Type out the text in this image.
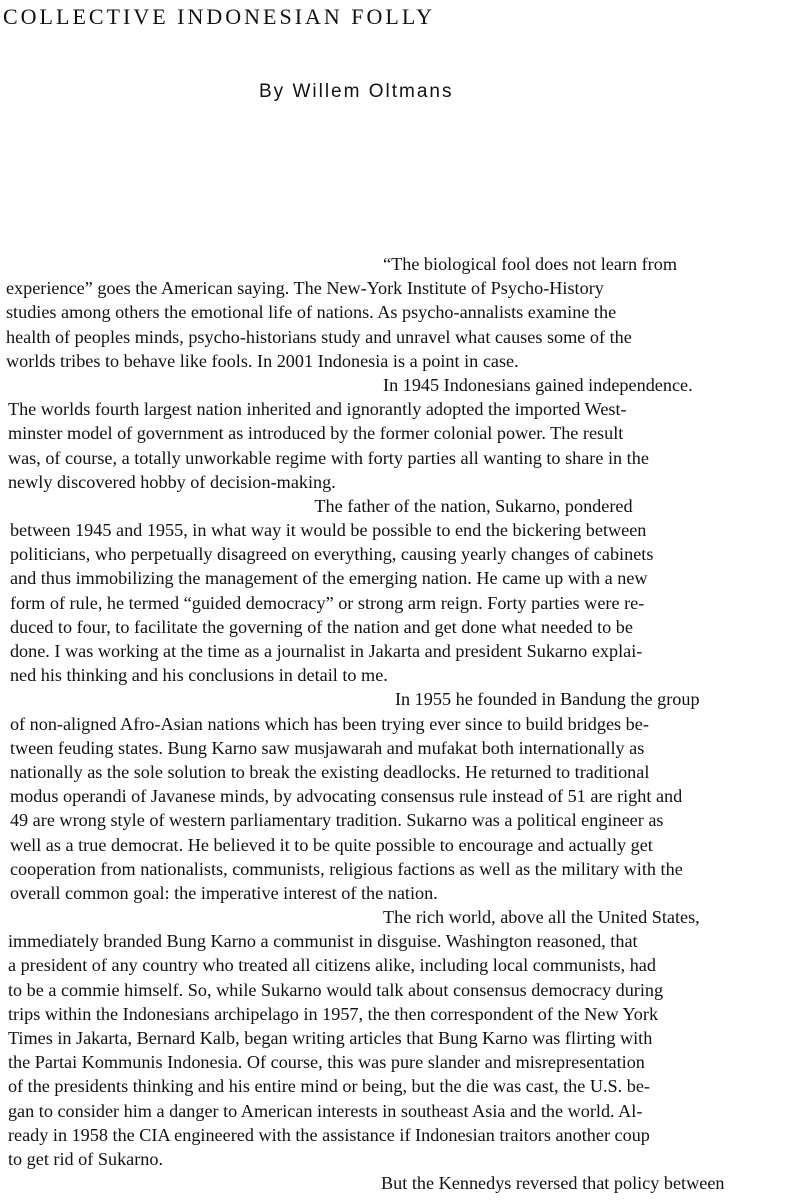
COLLECTIVE INDONESIAN FOLLY

By Willem Oltmans

“The biological fool does not learn from
experience” goes the American saying. The New-York Institute of Psycho-History
studies among others the emotional life of nations. As psycho-annalists examine the
health of peoples minds, psycho-historians study and unravel what causes some of the
worlds tribes to behave like fools. In 2001 Indonesia is a point in case.
In 1945 Indonesians gained independence.
The worlds fourth largest nation inherited and ignorantly adopted the imported West-
minster model of government as introduced by the former colonial power. The result
was, of course, a totally unworkable regime with forty parties all wanting to share in the
newly discovered hobby of decision-making.
The father of the nation, Sukarno, pondered
between 1945 and 1955, in what way it would be possible to end the bickering between
politicians, who perpetually disagreed on everything, causing yearly changes of cabinets
and thus immobilizing the management of the emerging nation. He came up with a new
form of rule, he termed “guided democracy” or strong arm reign. Forty parties were re-
duced to four, to facilitate the governing of the nation and get done what needed to be
done. I was working at the time as a journalist in Jakarta and president Sukarno explai-
ned his thinking and his conclusions in detail to me.
In 1955 he founded in Bandung the group
of non-aligned Afro-Asian nations which has been trying ever since to build bridges be-
tween feuding states. Bung Karno saw musjawarah and mufakat both internationally as
nationally as the sole solution to break the existing deadlocks. He returned to traditional
modus operandi of Javanese minds, by advocating consensus rule instead of 51 are right and
49 are wrong style of western parliamentary tradition. Sukarno was a political engineer as
well as a true democrat. He believed it to be quite possible to encourage and actually get
cooperation from nationalists, communists, religious factions as well as the military with the
overall common goal: the imperative interest of the nation.
The rich world, above all the United States,
immediately branded Bung Karno a communist in disguise. Washington reasoned, that
a president of any country who treated all citizens alike, including local communists, had
to be a commie himself. So, while Sukarno would talk about consensus democracy during
trips within the Indonesians archipelago in 1957, the then correspondent of the New York
Times in Jakarta, Bernard Kalb, began writing articles that Bung Karno was flirting with
the Partai Kommunis Indonesia. Of course, this was pure slander and misrepresentation
of the presidents thinking and his entire mind or being, but the die was cast, the U.S. be-
gan to consider him a danger to American interests in southeast Asia and the world. Al-
ready in 1958 the CIA engineered with the assistance if Indonesian traitors another coup
to get rid of Sukarno.
But the Kennedys reversed that policy between
